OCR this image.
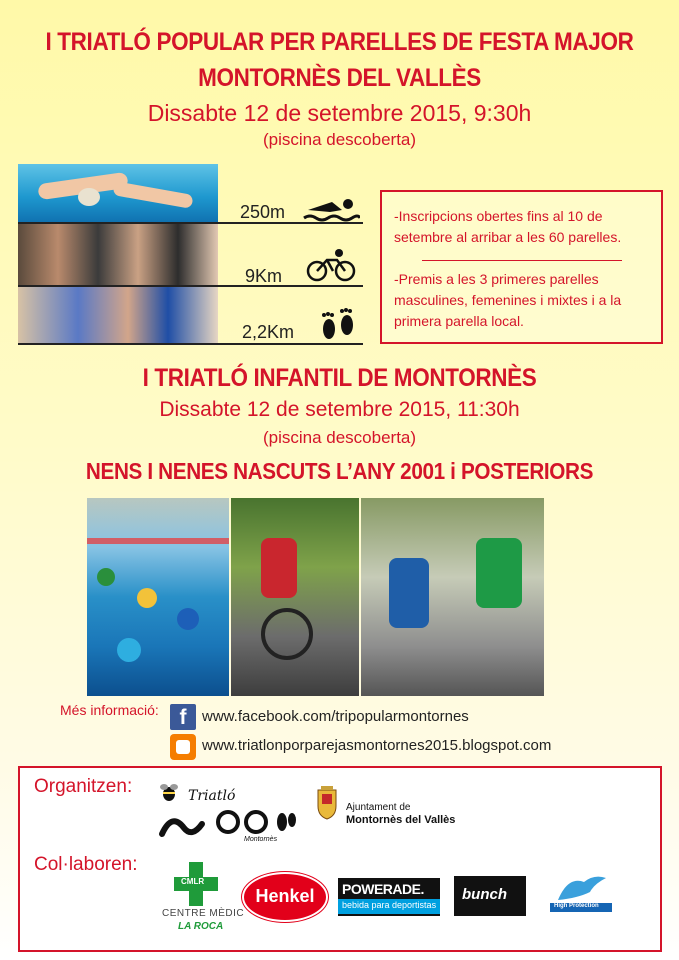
I TRIATLÓ POPULAR PER PARELLES DE FESTA MAJOR
MONTORNÈS DEL VALLÈS
Dissabte 12 de setembre 2015, 9:30h
(piscina descoberta)
250m
9Km
2,2Km
-Inscripcions obertes fins al 10 de setembre al arribar a les 60 parelles.
-Premis a les 3 primeres parelles masculines, femenines i mixtes i a la primera parella local.
I TRIATLÓ INFANTIL DE MONTORNÈS
Dissabte 12 de setembre 2015, 11:30h
(piscina descoberta)
NENS I NENES NASCUTS L’ANY 2001 i POSTERIORS
Més informació: f	www.facebook.com/tripopularmontornes
www.triatlonporparejasmontornes2015.blogspot.com
Organitzen:	Triatló
Montornès
Ajuntament de
Montornès del Vallès
Col·laboren:
CMLR
CENTRE MÈDIC
LA ROCA
Henkel	POWERADE.
bebida para deportistas
bunch
High Protection
